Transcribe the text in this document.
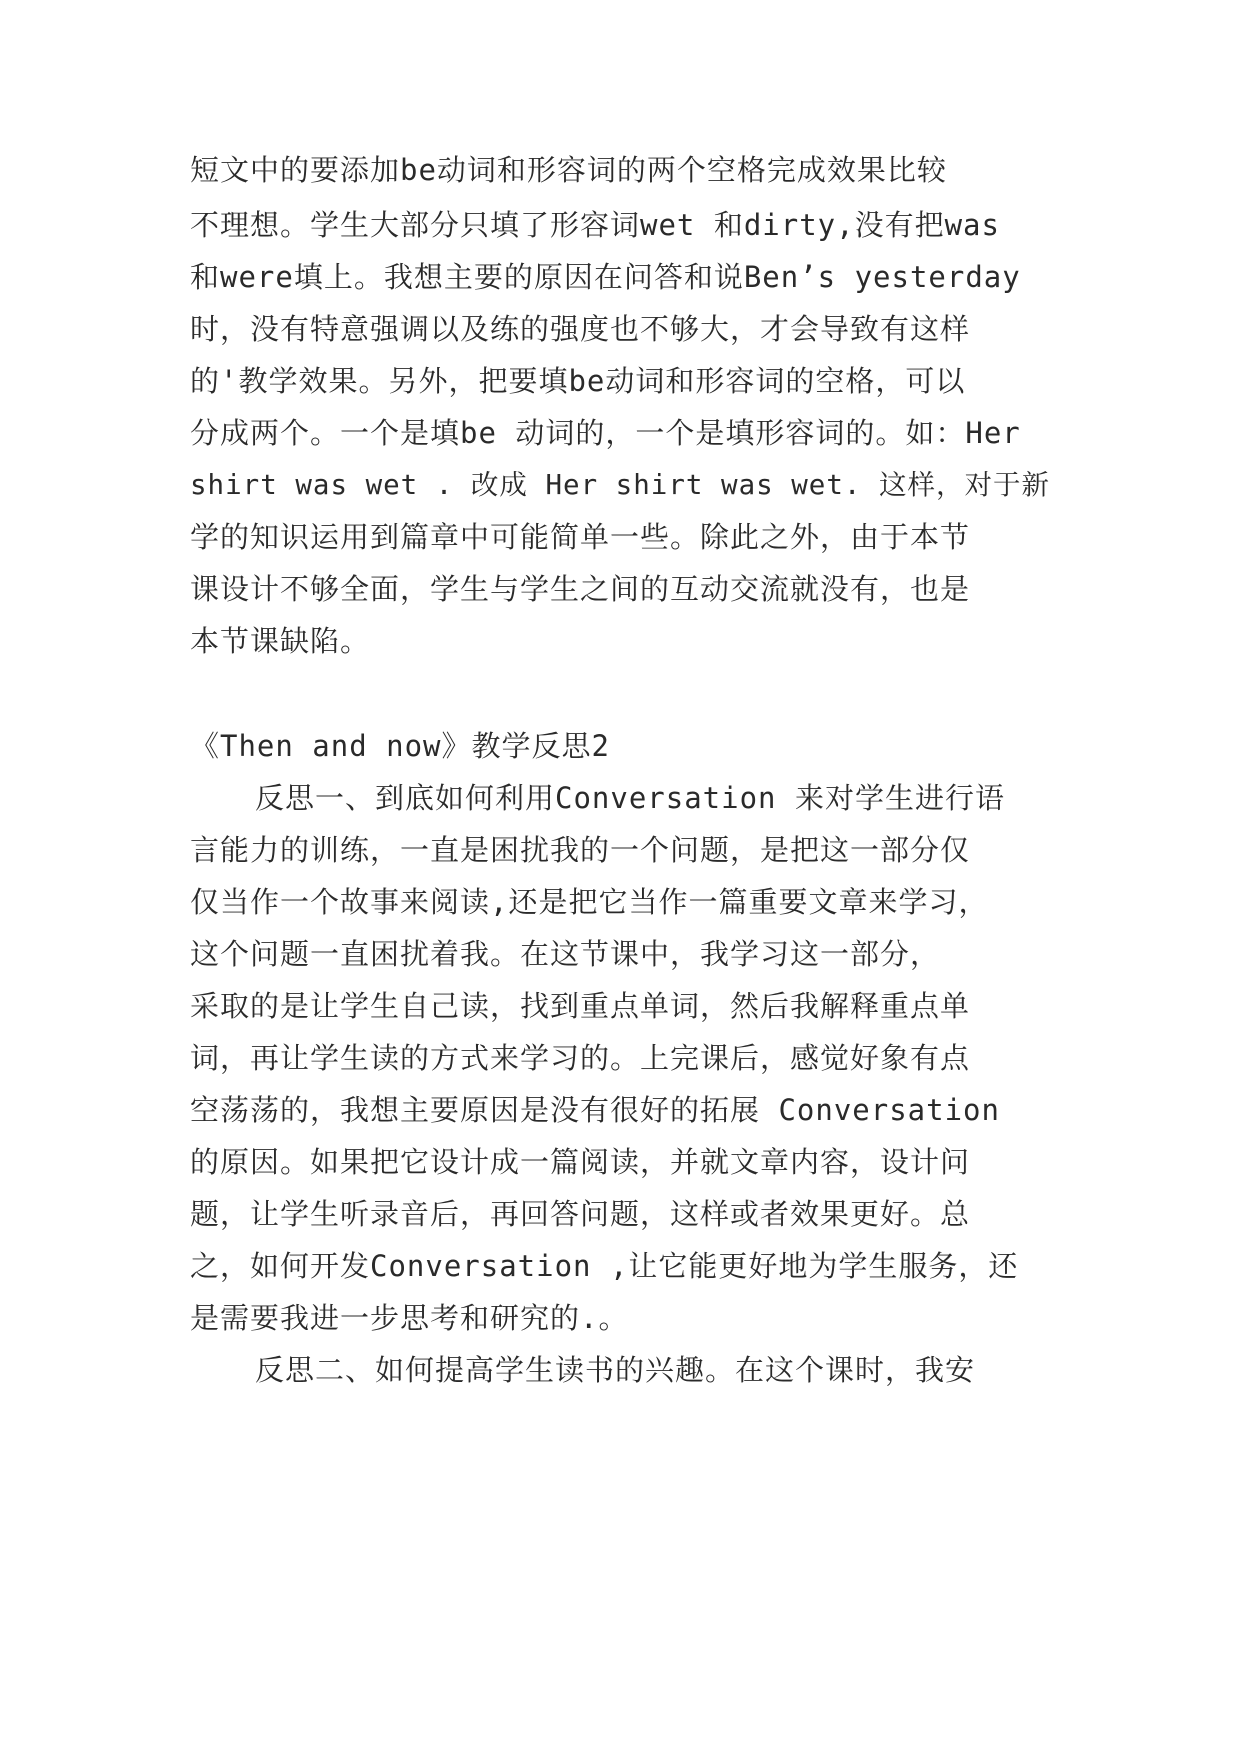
短文中的要添加be动词和形容词的两个空格完成效果比较
不理想。学生大部分只填了形容词wet 和dirty,没有把was
和were填上。我想主要的原因在问答和说Ben’s yesterday
时，没有特意强调以及练的强度也不够大，才会导致有这样
的'教学效果。另外，把要填be动词和形容词的空格，可以
分成两个。一个是填be 动词的，一个是填形容词的。如：Her
shirt was wet . 改成 Her shirt was wet. 这样，对于新
学的知识运用到篇章中可能简单一些。除此之外，由于本节
课设计不够全面，学生与学生之间的互动交流就没有，也是
本节课缺陷。
《Then and now》教学反思2
反思一、到底如何利用Conversation 来对学生进行语
言能力的训练，一直是困扰我的一个问题，是把这一部分仅
仅当作一个故事来阅读,还是把它当作一篇重要文章来学习，
这个问题一直困扰着我。在这节课中，我学习这一部分，
采取的是让学生自己读，找到重点单词，然后我解释重点单
词，再让学生读的方式来学习的。上完课后，感觉好象有点
空荡荡的，我想主要原因是没有很好的拓展 Conversation
的原因。如果把它设计成一篇阅读，并就文章内容，设计问
题，让学生听录音后，再回答问题，这样或者效果更好。总
之，如何开发Conversation ,让它能更好地为学生服务，还
是需要我进一步思考和研究的.。
反思二、如何提高学生读书的兴趣。在这个课时，我安
